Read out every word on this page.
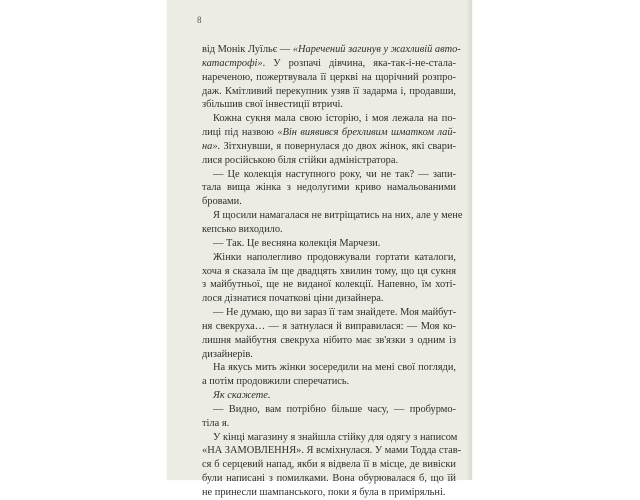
8
від Монік Луїльє — «Наречений загинув у жахливій авто-
катастрофі». У розпачі дівчина, яка-так-і-не-стала-
нареченою, пожертвувала її церкві на щорічний розпро-
даж. Кмітливий перекупник узяв її задарма і, продавши,
збільшив свої інвестиції втричі.
Кожна сукня мала свою історію, і моя лежала на по-
лиці під назвою «Він виявився брехливим шматком лай-
на». Зітхнувши, я повернулася до двох жінок, які свари-
лися російською біля стійки адміністратора.
— Це колекція наступного року, чи не так? — запи-
тала вища жінка з недолугими криво намальованими
бровами.
Я щосили намагалася не витріщатись на них, але у мене
кепсько виходило.
— Так. Це весняна колекція Марчези.
Жінки наполегливо продовжували гортати каталоги,
хоча я сказала їм ще двадцять хвилин тому, що ця сукня
з майбутньої, ще не виданої колекції. Напевно, їм хоті-
лося дізнатися початкові ціни дизайнера.
— Не думаю, що ви зараз її там знайдете. Моя майбут-
ня свекруха… — я затнулася й виправилася: — Моя ко-
лишня майбутня свекруха нібито має зв'язки з одним із
дизайнерів.
На якусь мить жінки зосередили на мені свої погляди,
а потім продовжили сперечатись.
Як скажете.
— Видно, вам потрібно більше часу, — пробурмо-
тіла я.
У кінці магазину я знайшла стійку для одягу з написом
«НА ЗАМОВЛЕННЯ». Я всміхнулася. У мами Тодда став-
ся б серцевий напад, якби я відвела її в місце, де вивіски
були написані з помилками. Вона обурювалася б, що їй
не принесли шампанського, поки я була в приміряльні.
